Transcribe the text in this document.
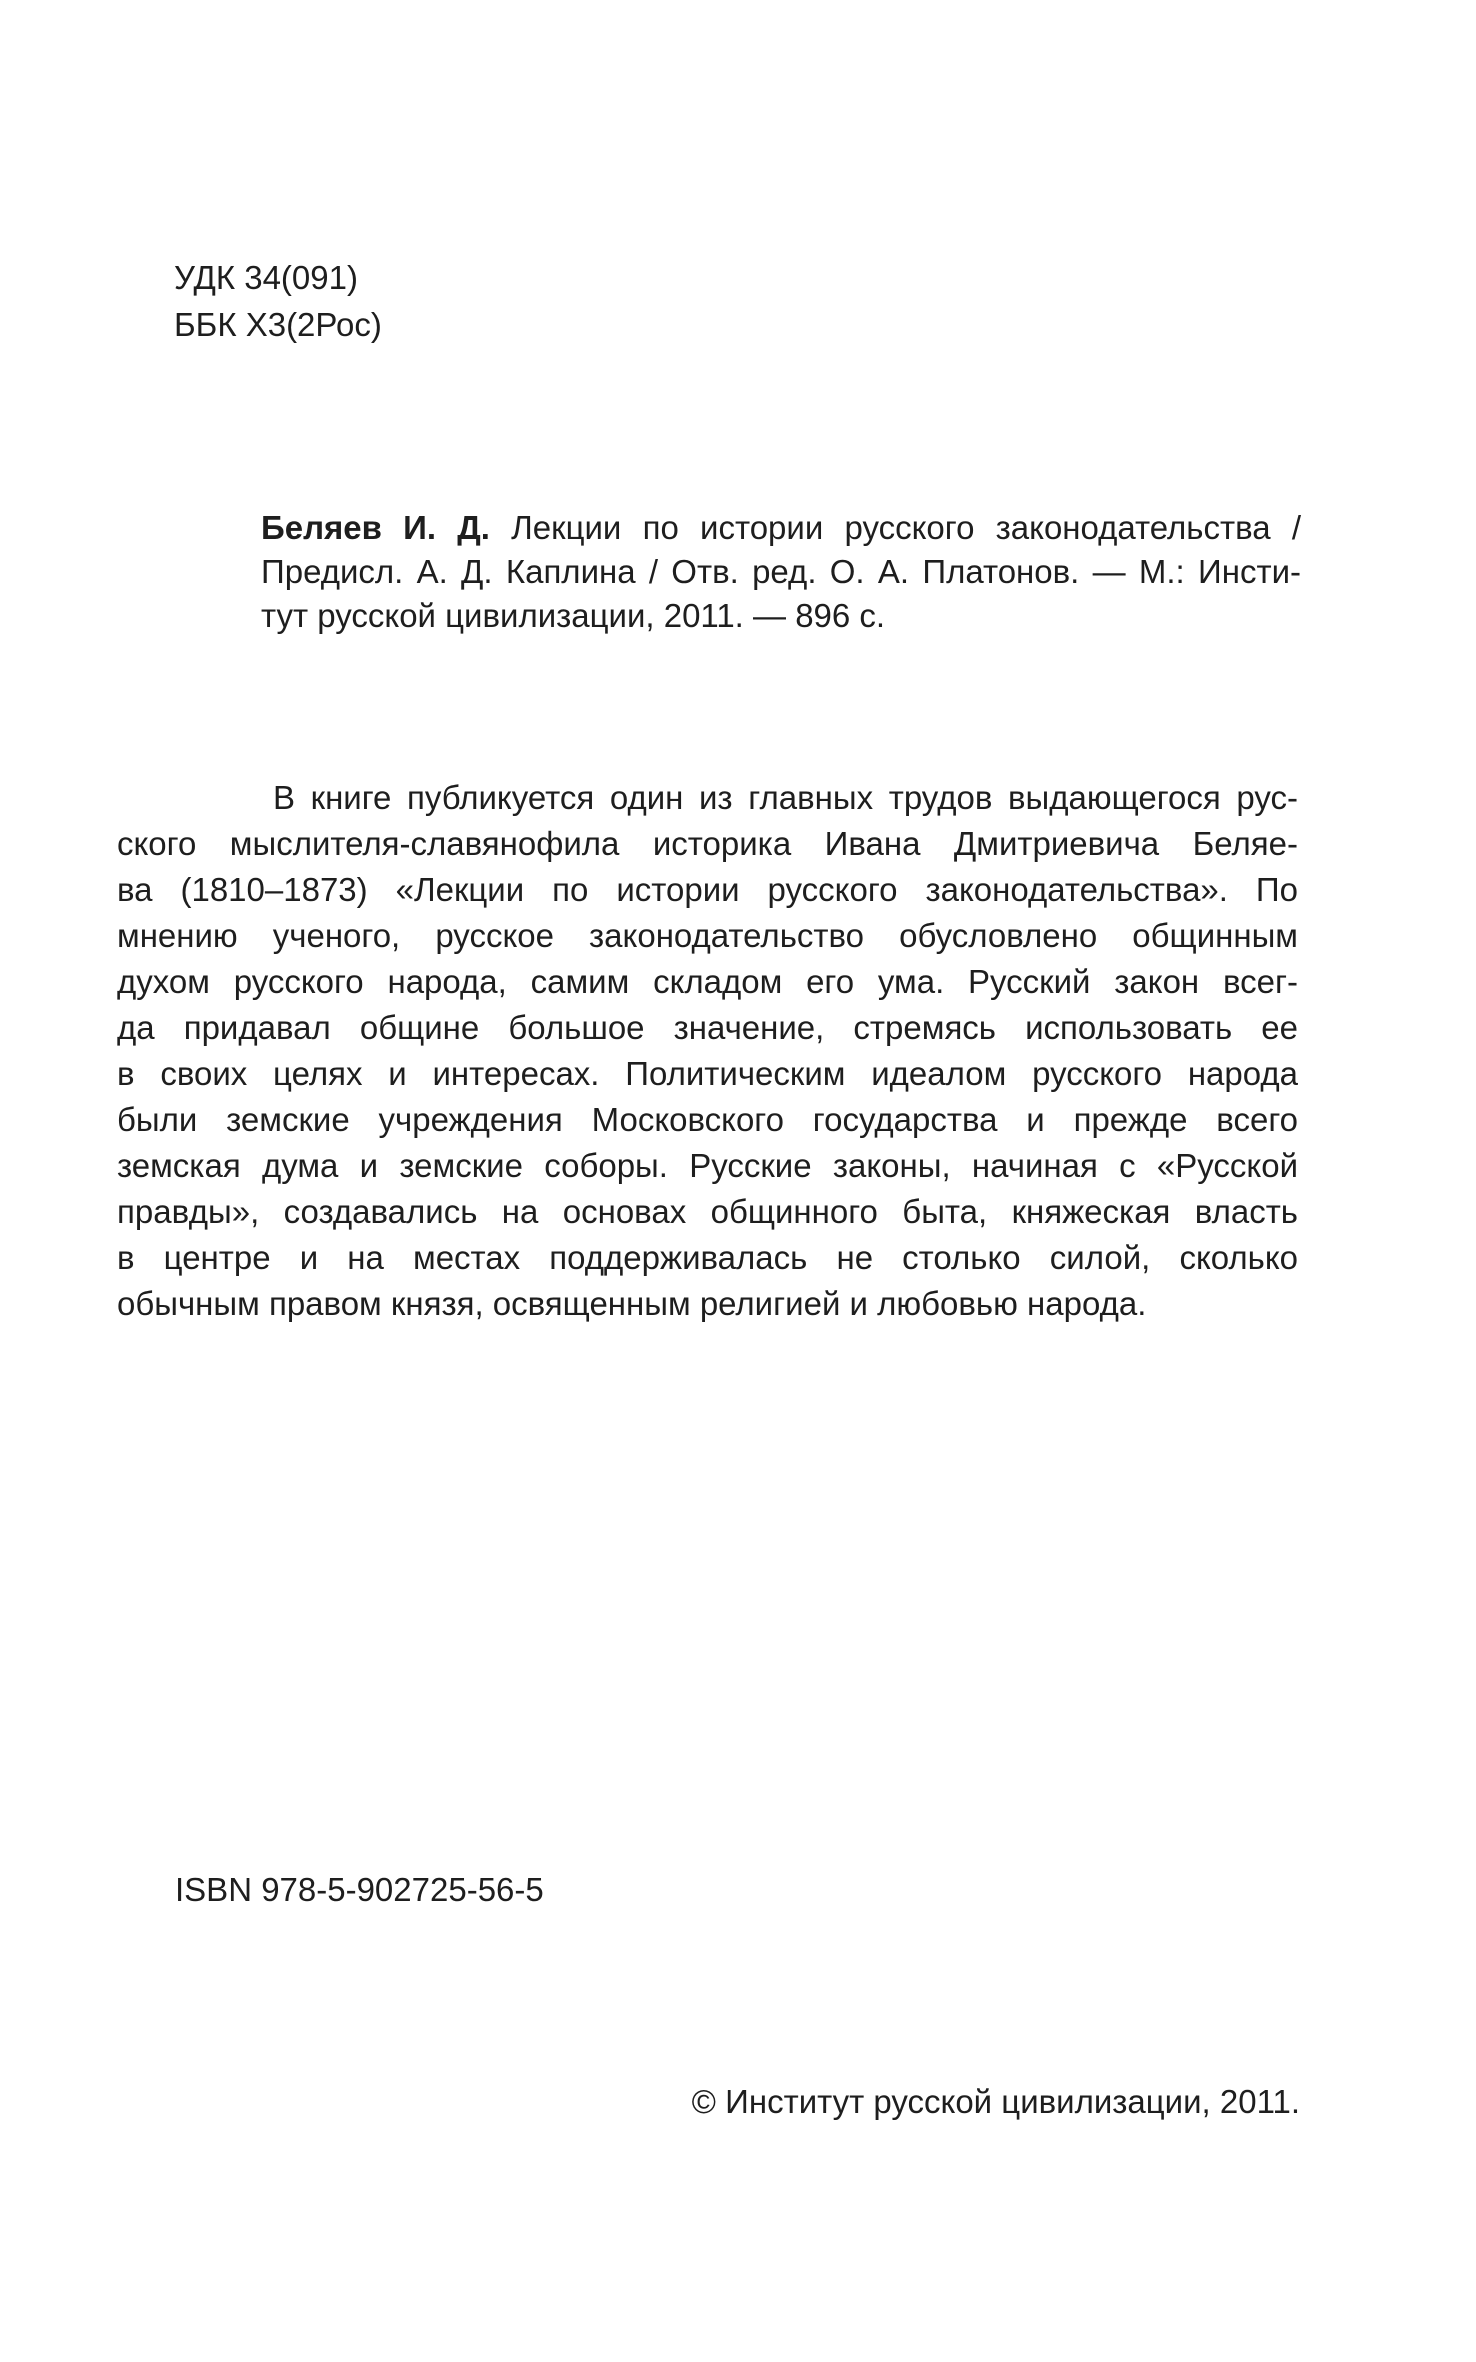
УДК 34(091)
ББК Х3(2Рос)
Беляев И. Д. Лекции по истории русского законодательства /
Предисл. А. Д. Каплина / Отв. ред. О. А. Платонов. — М.: Инсти-
тут русской цивилизации, 2011. — 896 с.
В книге публикуется один из главных трудов выдающегося рус-
ского мыслителя-славянофила историка Ивана Дмитриевича Беляе-
ва (1810–1873) «Лекции по истории русского законодательства». По
мнению ученого, русское законодательство обусловлено общинным
духом русского народа, самим складом его ума. Русский закон всег-
да придавал общине большое значение, стремясь использовать ее
в своих целях и интересах. Политическим идеалом русского народа
были земские учреждения Московского государства и прежде всего
земская дума и земские соборы. Русские законы, начиная с «Русской
правды», создавались на основах общинного быта, княжеская власть
в центре и на местах поддерживалась не столько силой, сколько
обычным правом князя, освященным религией и любовью народа.
ISBN 978-5-902725-56-5
© Институт русской цивилизации, 2011.
